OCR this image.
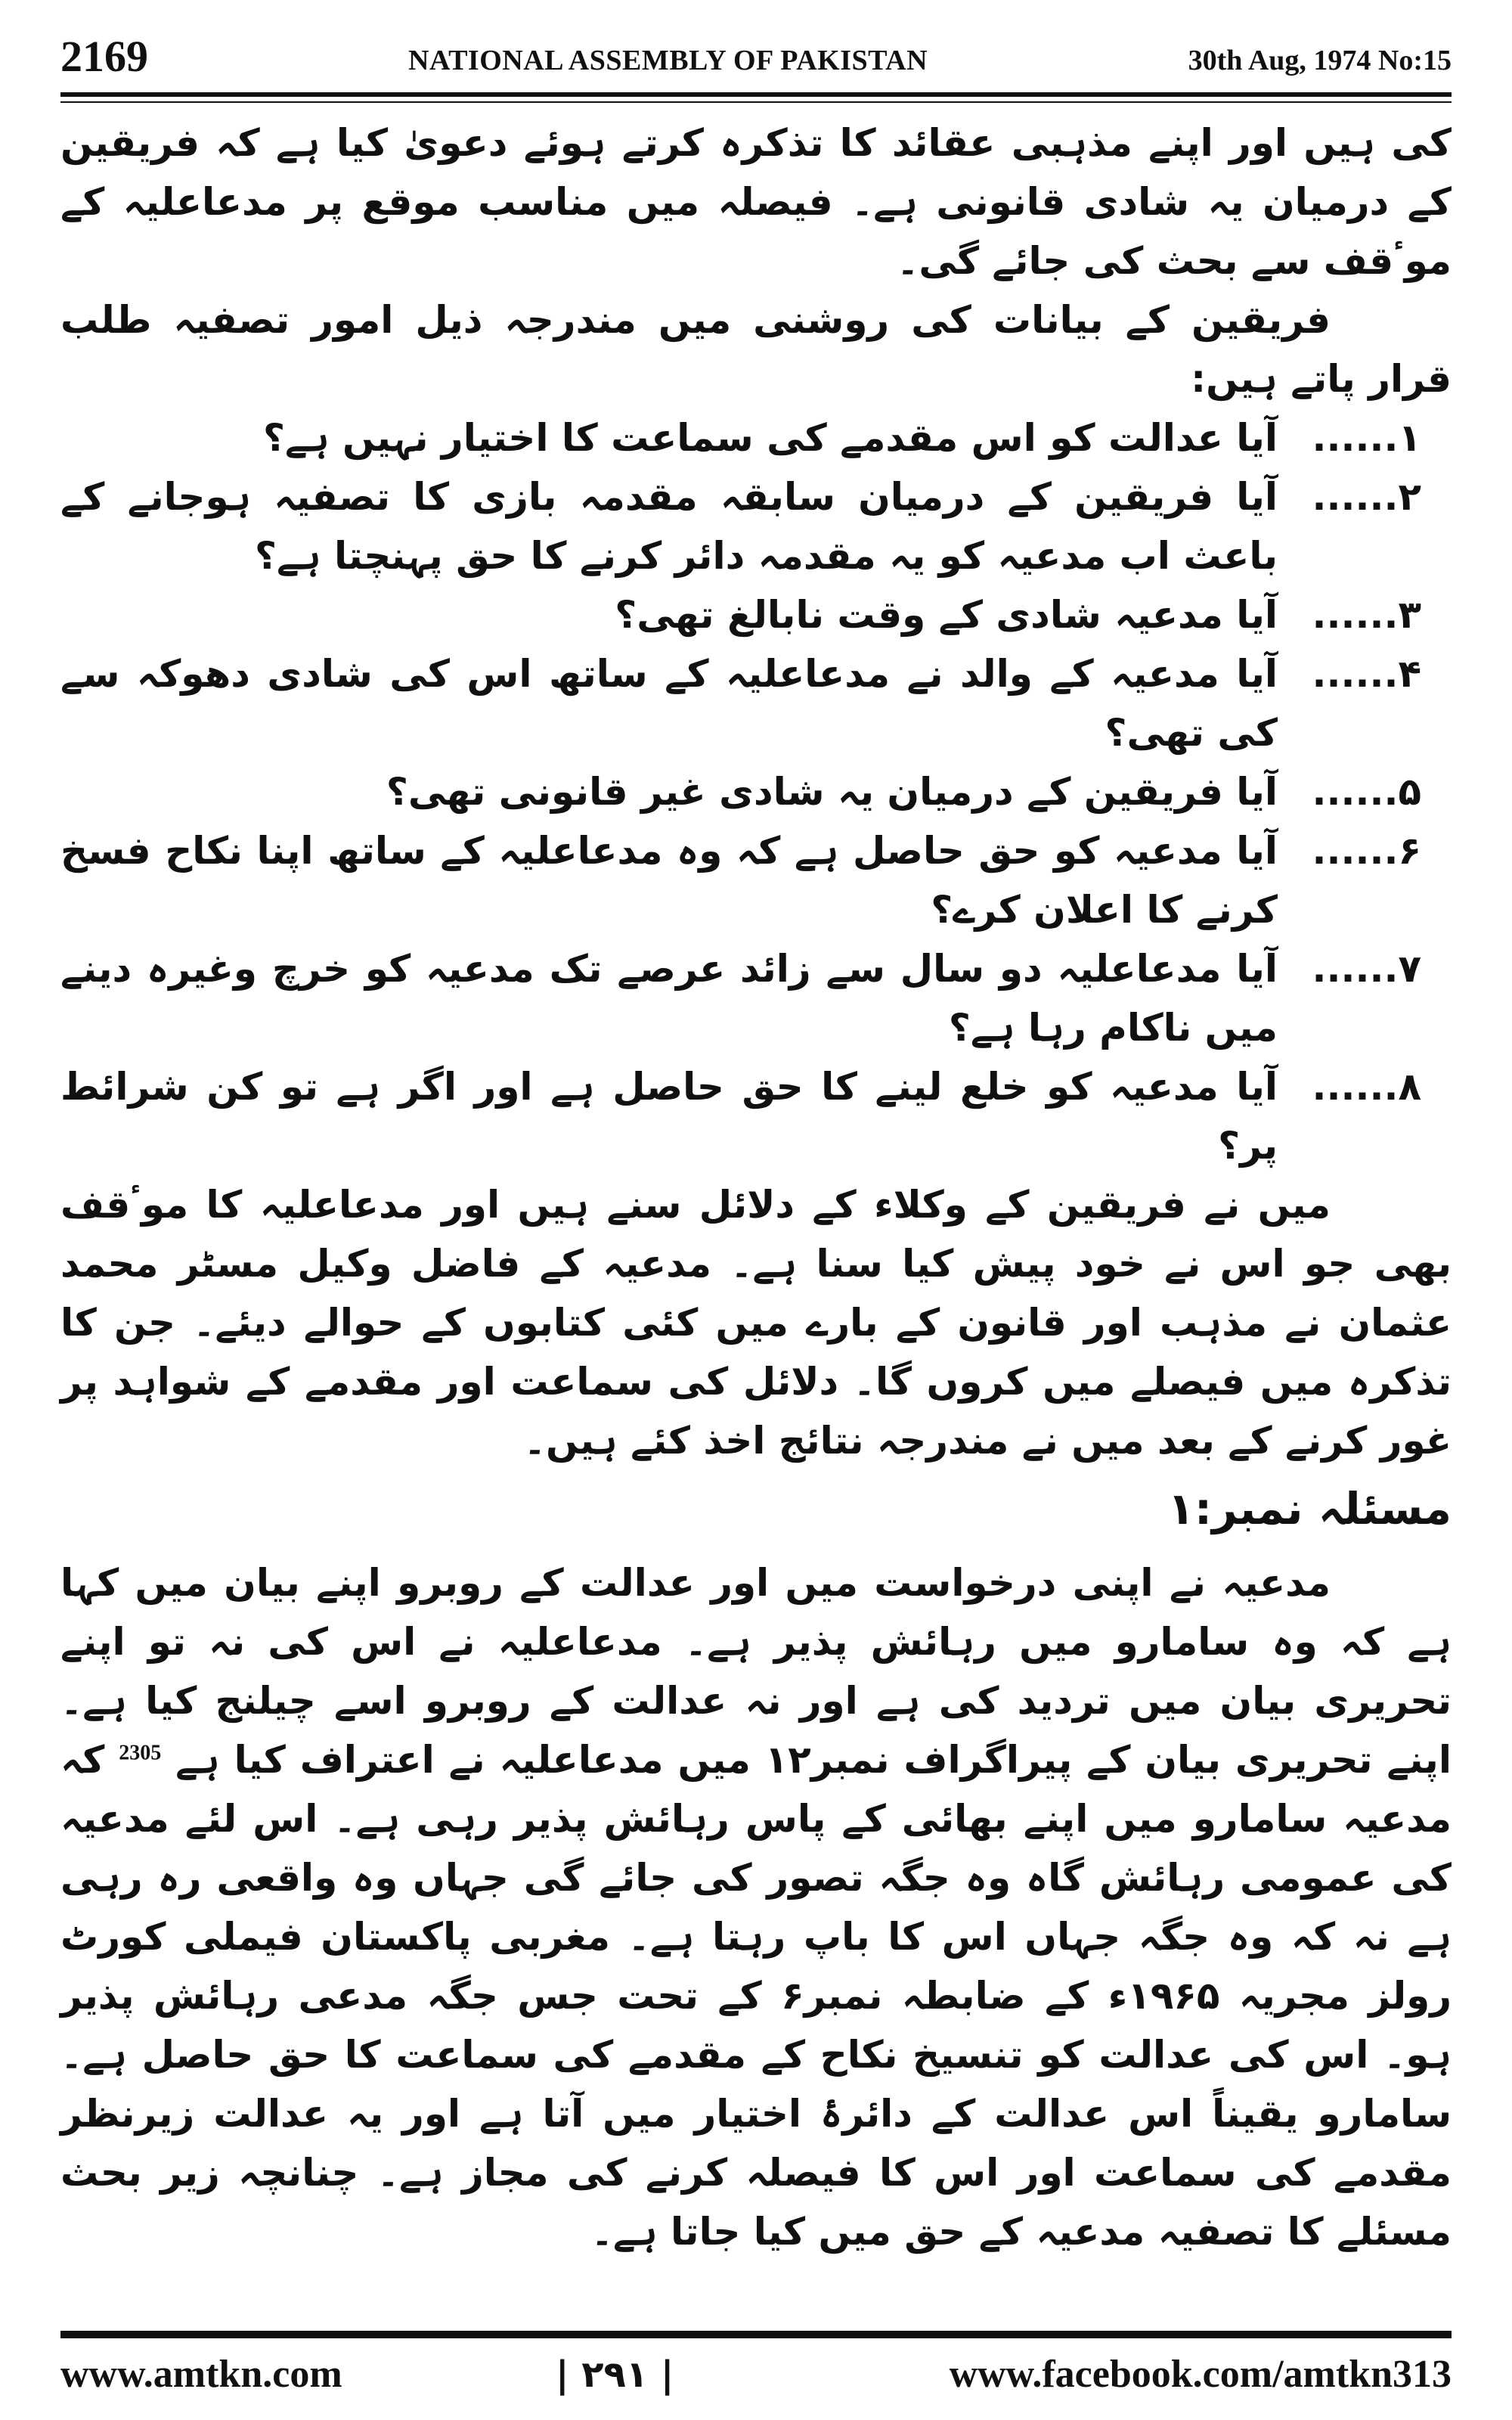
2169	NATIONAL ASSEMBLY OF PAKISTAN	30th Aug, 1974 No:15

کی ہیں اور اپنے مذہبی عقائد کا تذکرہ کرتے ہوئے دعویٰ کیا ہے کہ فریقین کے درمیان یہ شادی قانونی ہے۔ فیصلہ میں مناسب موقع پر مدعاعلیہ کے موٴقف سے بحث کی جائے گی۔

فریقین کے بیانات کی روشنی میں مندرجہ ذیل امور تصفیہ طلب قرار پاتے ہیں:

۱......
آیا عدالت کو اس مقدمے کی سماعت کا اختیار نہیں ہے؟
۲......
آیا فریقین کے درمیان سابقہ مقدمہ بازی کا تصفیہ ہوجانے کے باعث اب مدعیہ کو یہ مقدمہ دائر کرنے کا حق پہنچتا ہے؟
۳......
آیا مدعیہ شادی کے وقت نابالغ تھی؟
۴......
آیا مدعیہ کے والد نے مدعاعلیہ کے ساتھ اس کی شادی دھوکہ سے کی تھی؟
۵......
آیا فریقین کے درمیان یہ شادی غیر قانونی تھی؟
۶......
آیا مدعیہ کو حق حاصل ہے کہ وہ مدعاعلیہ کے ساتھ اپنا نکاح فسخ کرنے کا اعلان کرے؟
۷......
آیا مدعاعلیہ دو سال سے زائد عرصے تک مدعیہ کو خرچ وغیرہ دینے میں ناکام رہا ہے؟
۸......
آیا مدعیہ کو خلع لینے کا حق حاصل ہے اور اگر ہے تو کن شرائط پر؟

میں نے فریقین کے وکلاء کے دلائل سنے ہیں اور مدعاعلیہ کا موٴقف بھی جو اس نے خود پیش کیا سنا ہے۔ مدعیہ کے فاضل وکیل مسٹر محمد عثمان نے مذہب اور قانون کے بارے میں کئی کتابوں کے حوالے دیئے۔ جن کا تذکرہ میں فیصلے میں کروں گا۔ دلائل کی سماعت اور مقدمے کے شواہد پر غور کرنے کے بعد میں نے مندرجہ نتائج اخذ کئے ہیں۔

مسئلہ نمبر:۱

مدعیہ نے اپنی درخواست میں اور عدالت کے روبرو اپنے بیان میں کہا ہے کہ وہ سامارو میں رہائش پذیر ہے۔ مدعاعلیہ نے اس کی نہ تو اپنے تحریری بیان میں تردید کی ہے اور نہ عدالت کے روبرو اسے چیلنج کیا ہے۔ اپنے تحریری بیان کے پیراگراف نمبر۱۲ میں مدعاعلیہ نے اعتراف کیا ہے $^{2305}$ کہ مدعیہ سامارو میں اپنے بھائی کے پاس رہائش پذیر رہی ہے۔ اس لئے مدعیہ کی عمومی رہائش گاہ وہ جگہ تصور کی جائے گی جہاں وہ واقعی رہ رہی ہے نہ کہ وہ جگہ جہاں اس کا باپ رہتا ہے۔ مغربی پاکستان فیملی کورٹ رولز مجریہ ۱۹۶۵ء کے ضابطہ نمبر۶ کے تحت جس جگہ مدعی رہائش پذیر ہو۔ اس کی عدالت کو تنسیخ نکاح کے مقدمے کی سماعت کا حق حاصل ہے۔ سامارو یقیناً اس عدالت کے دائرۂ اختیار میں آتا ہے اور یہ عدالت زیرنظر مقدمے کی سماعت اور اس کا فیصلہ کرنے کی مجاز ہے۔ چنانچہ زیر بحث مسئلے کا تصفیہ مدعیہ کے حق میں کیا جاتا ہے۔

www.amtkn.com	| ۲۹۱ |	www.facebook.com/amtkn313
